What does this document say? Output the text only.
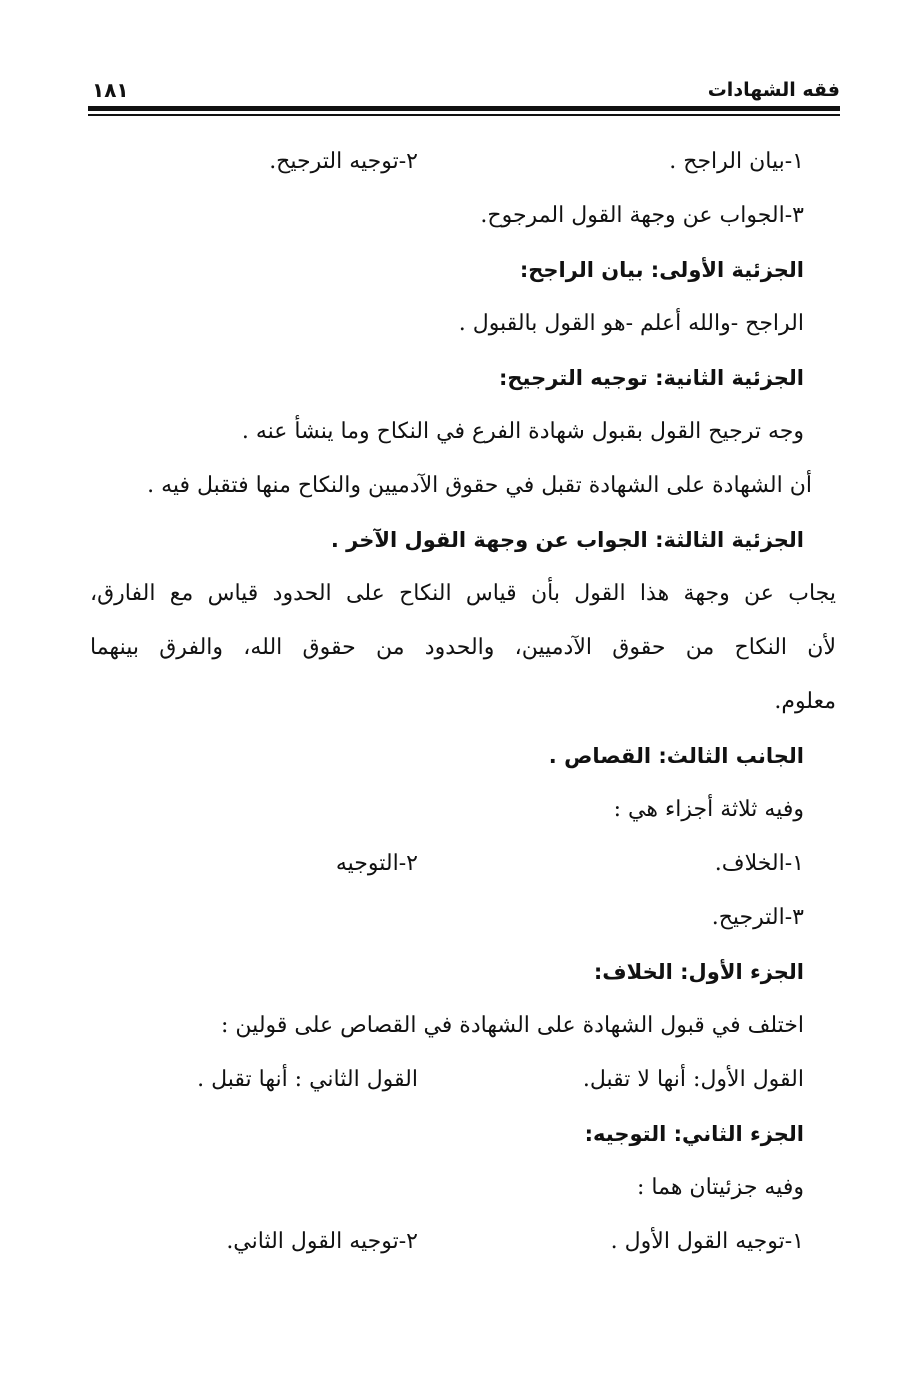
فقه الشهادات
١٨١
١-بيان الراجح .
٢-توجيه الترجيح.
٣-الجواب عن وجهة القول المرجوح.
الجزئية الأولى: بيان الراجح:
الراجح -والله أعلم -هو القول بالقبول .
الجزئية الثانية: توجيه الترجيح:
وجه ترجيح القول بقبول شهادة الفرع في النكاح وما ينشأ عنه .
أن الشهادة على الشهادة تقبل في حقوق الآدميين والنكاح منها فتقبل فيه .
الجزئية الثالثة: الجواب عن وجهة القول الآخر .
يجاب عن وجهة هذا القول بأن قياس النكاح على الحدود قياس مع الفارق،
لأن النكاح من حقوق الآدميين، والحدود من حقوق الله، والفرق بينهما
معلوم.
الجانب الثالث: القصاص .
وفيه ثلاثة أجزاء هي :
١-الخلاف.
٢-التوجيه
٣-الترجيح.
الجزء الأول: الخلاف:
اختلف في قبول الشهادة على الشهادة في القصاص على قولين :
القول الأول: أنها لا تقبل.
القول الثاني : أنها تقبل .
الجزء الثاني: التوجيه:
وفيه جزئيتان هما :
١-توجيه القول الأول .
٢-توجيه القول الثاني.
